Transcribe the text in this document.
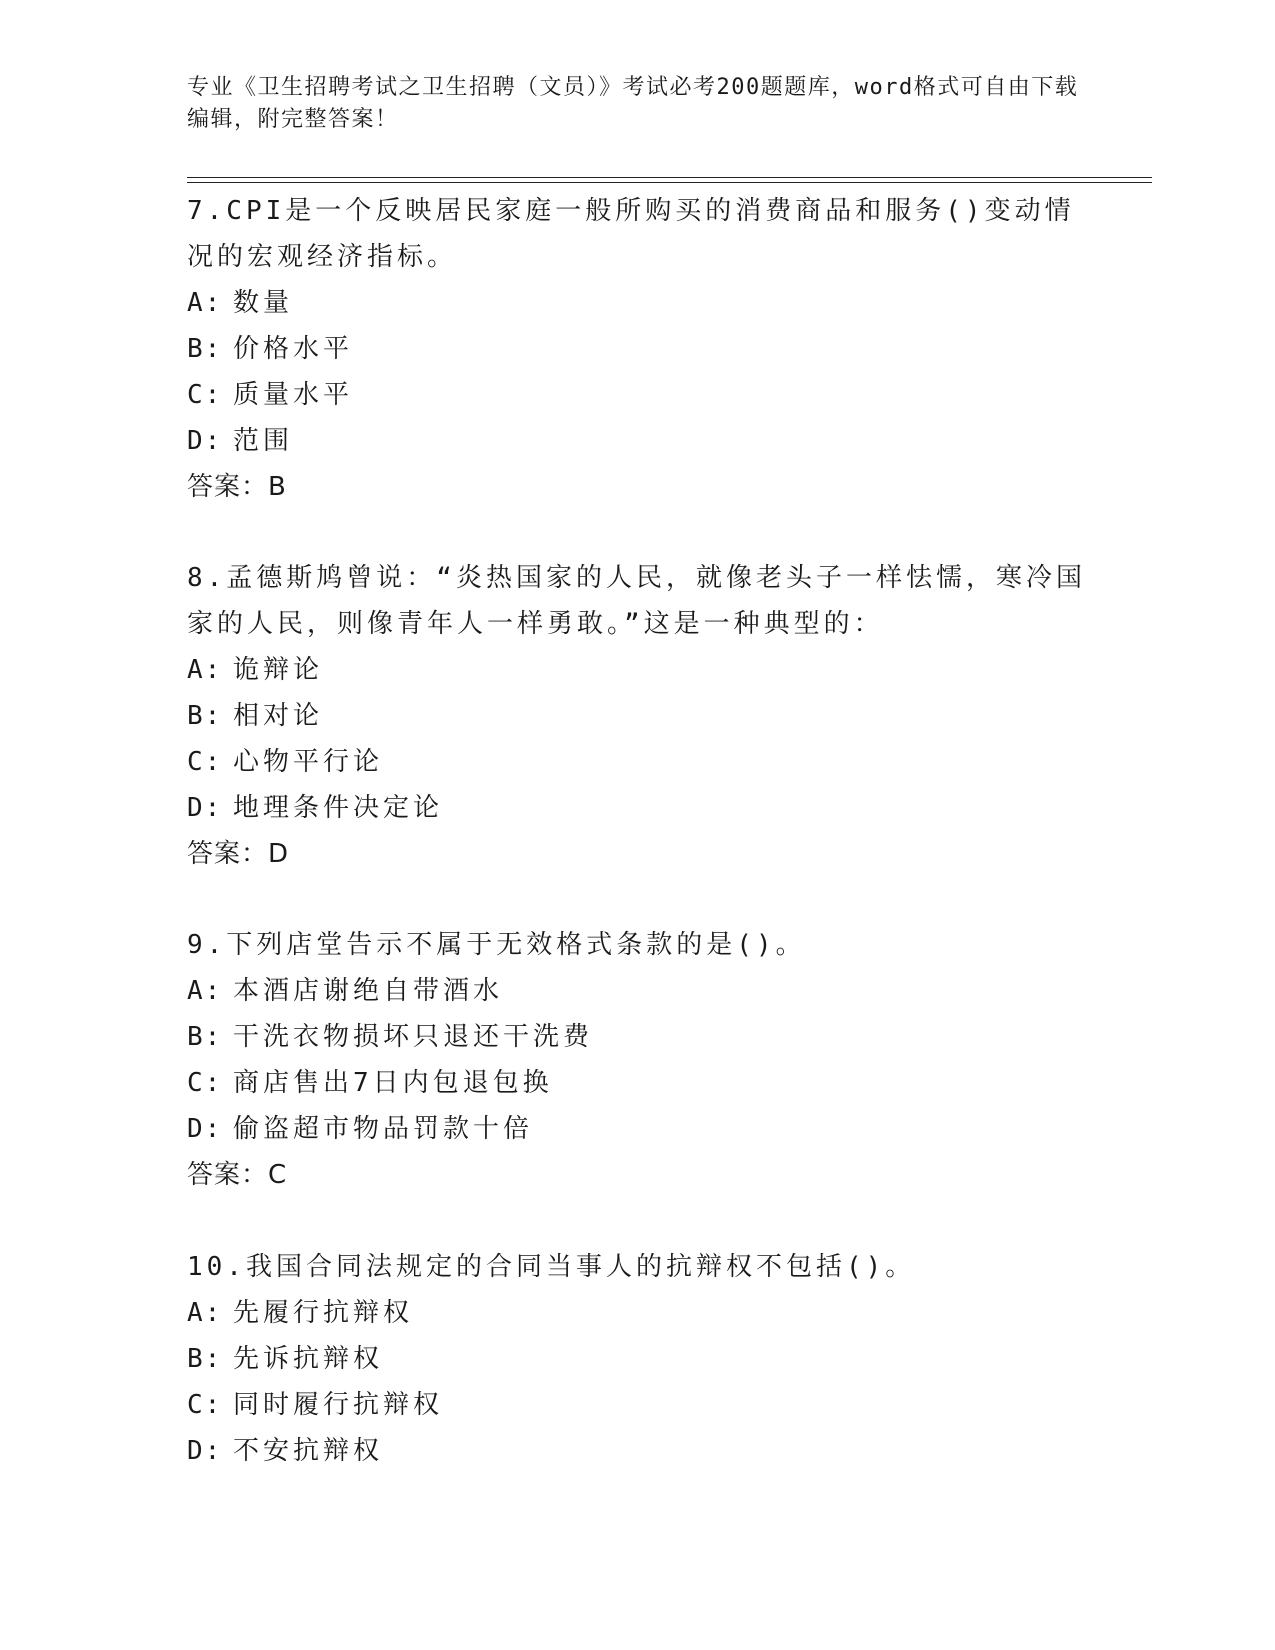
专业《卫生招聘考试之卫生招聘（文员）》考试必考200题题库，word格式可自由下载编辑，附完整答案！

7.CPI是一个反映居民家庭一般所购买的消费商品和服务()变动情况的宏观经济指标。

A: 数量

B: 价格水平

C: 质量水平

D: 范围

答案：B

8.孟德斯鸠曾说：“炎热国家的人民，就像老头子一样怯懦，寒冷国家的人民，则像青年人一样勇敢。”这是一种典型的：

A: 诡辩论

B: 相对论

C: 心物平行论

D: 地理条件决定论

答案：D

9.下列店堂告示不属于无效格式条款的是()。

A: 本酒店谢绝自带酒水

B: 干洗衣物损坏只退还干洗费

C: 商店售出7日内包退包换

D: 偷盗超市物品罚款十倍

答案：C

10.我国合同法规定的合同当事人的抗辩权不包括()。

A: 先履行抗辩权

B: 先诉抗辩权

C: 同时履行抗辩权

D: 不安抗辩权
